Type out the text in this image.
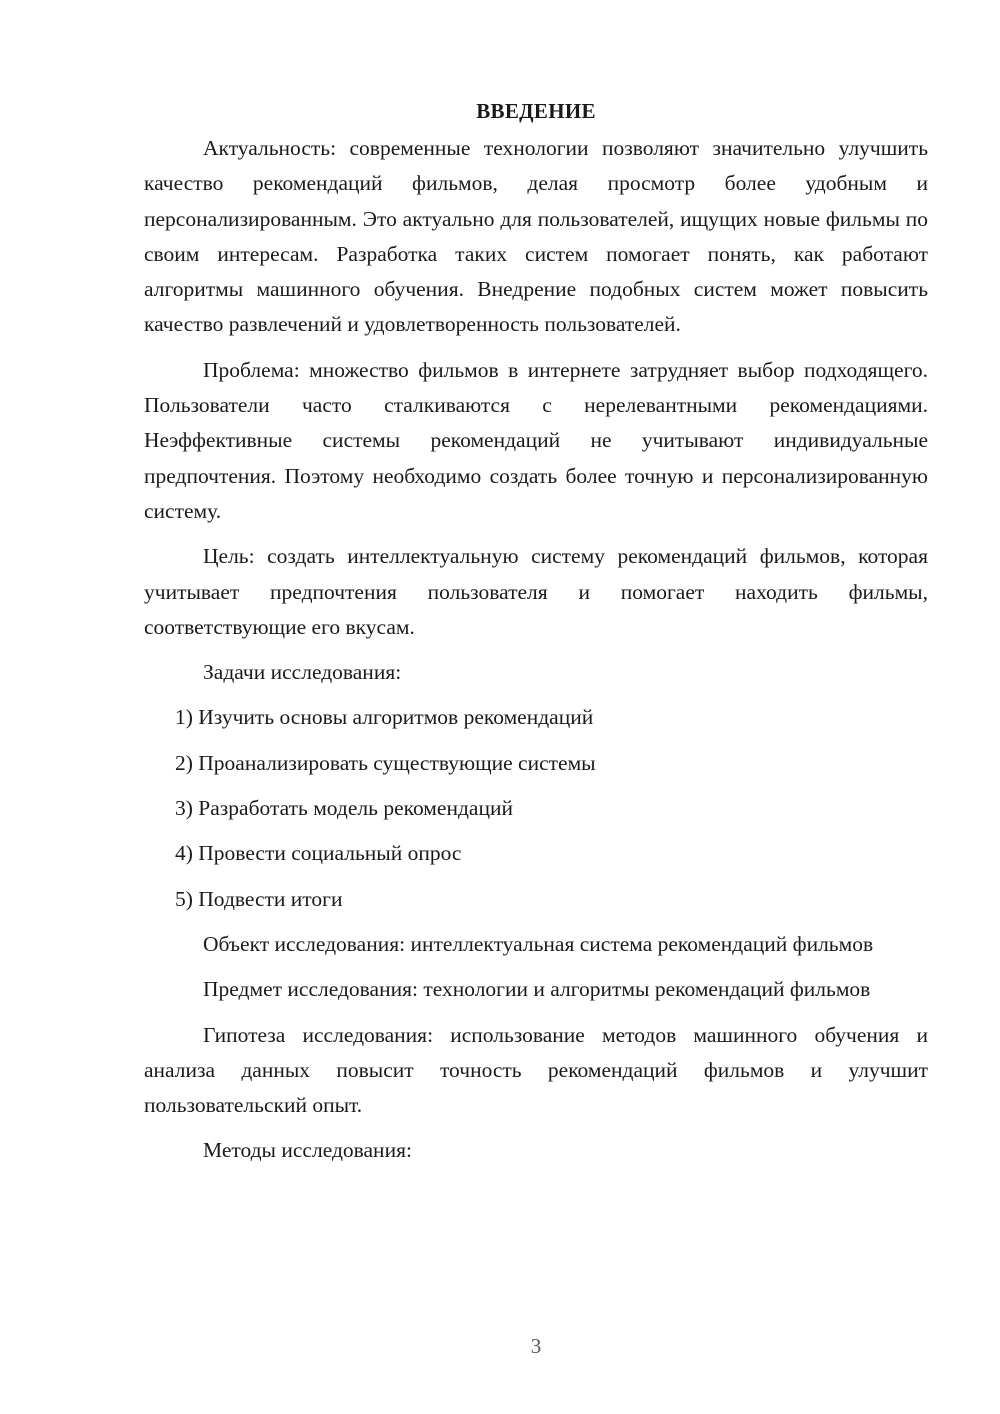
ВВЕДЕНИЕ

Актуальность: современные технологии позволяют значительно улучшить качество рекомендаций фильмов, делая просмотр более удобным и персонализированным. Это актуально для пользователей, ищущих новые фильмы по своим интересам. Разработка таких систем помогает понять, как работают алгоритмы машинного обучения. Внедрение подобных систем может повысить качество развлечений и удовлетворенность пользователей.

Проблема: множество фильмов в интернете затрудняет выбор подходящего. Пользователи часто сталкиваются с нерелевантными рекомендациями. Неэффективные системы рекомендаций не учитывают индивидуальные предпочтения. Поэтому необходимо создать более точную и персонализированную систему.

Цель: создать интеллектуальную систему рекомендаций фильмов, которая учитывает предпочтения пользователя и помогает находить фильмы, соответствующие его вкусам.

Задачи исследования:

1) Изучить основы алгоритмов рекомендаций
2) Проанализировать существующие системы
3) Разработать модель рекомендаций
4) Провести социальный опрос
5) Подвести итоги

Объект исследования: интеллектуальная система рекомендаций фильмов

Предмет исследования: технологии и алгоритмы рекомендаций фильмов

Гипотеза исследования: использование методов машинного обучения и анализа данных повысит точность рекомендаций фильмов и улучшит пользовательский опыт.

Методы исследования:

3
